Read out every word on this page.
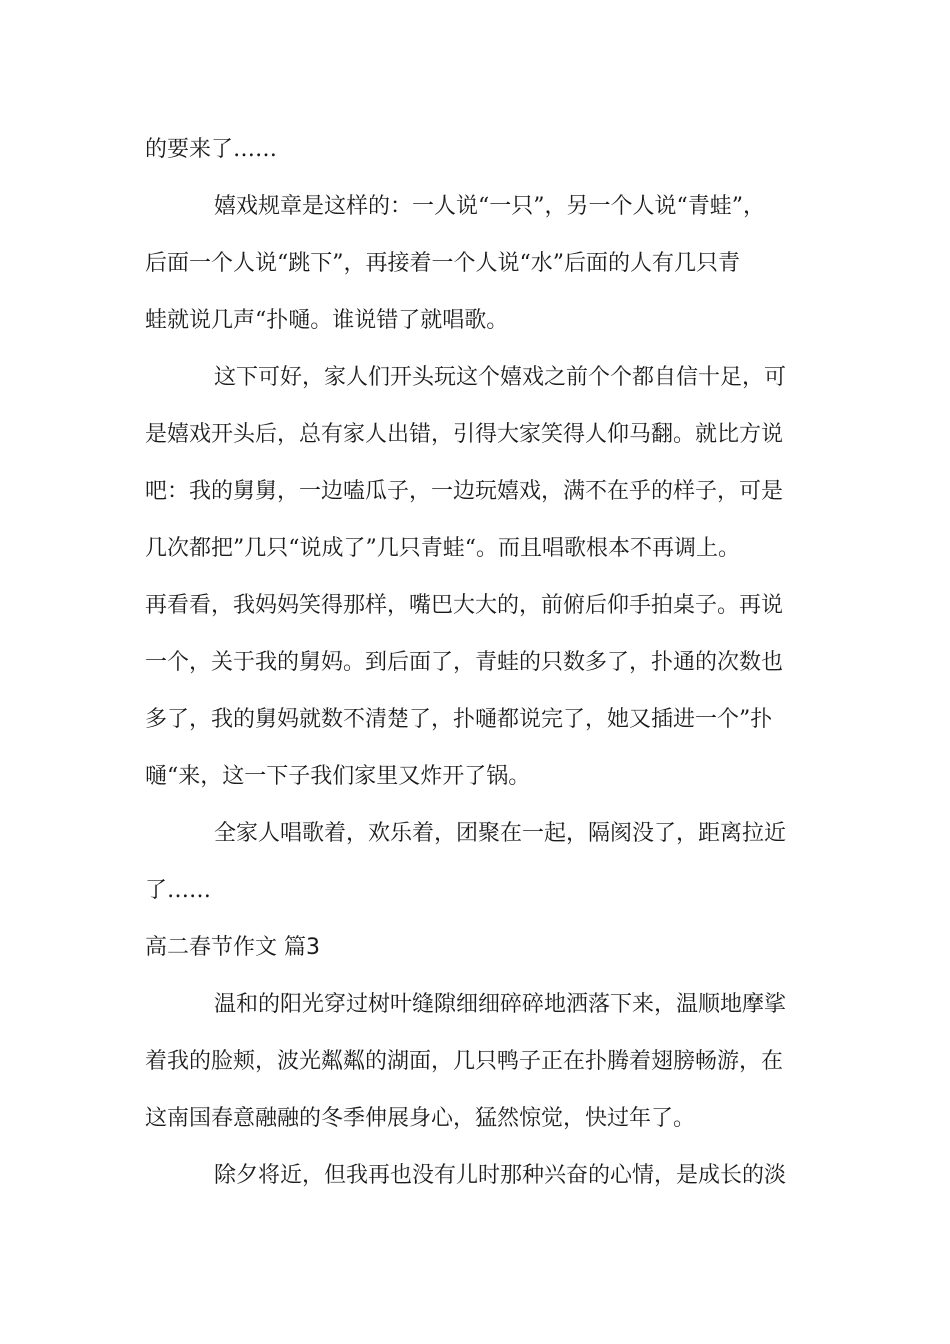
的要来了……
嬉戏规章是这样的：一人说“一只”，另一个人说“青蛙”，
后面一个人说“跳下”，再接着一个人说“水”后面的人有几只青
蛙就说几声“扑嗵。谁说错了就唱歌。
这下可好，家人们开头玩这个嬉戏之前个个都自信十足，可
是嬉戏开头后，总有家人出错，引得大家笑得人仰马翻。就比方说
吧：我的舅舅，一边嗑瓜子，一边玩嬉戏，满不在乎的样子，可是
几次都把”几只“说成了”几只青蛙“。而且唱歌根本不再调上。
再看看，我妈妈笑得那样，嘴巴大大的，前俯后仰手拍桌子。再说
一个，关于我的舅妈。到后面了，青蛙的只数多了，扑通的次数也
多了，我的舅妈就数不清楚了，扑嗵都说完了，她又插进一个”扑
嗵“来，这一下子我们家里又炸开了锅。
全家人唱歌着，欢乐着，团聚在一起，隔阂没了，距离拉近
了……
高二春节作文 篇3
温和的阳光穿过树叶缝隙细细碎碎地洒落下来，温顺地摩挲
着我的脸颊，波光粼粼的湖面，几只鸭子正在扑腾着翅膀畅游，在
这南国春意融融的冬季伸展身心，猛然惊觉，快过年了。
除夕将近，但我再也没有儿时那种兴奋的心情，是成长的淡
